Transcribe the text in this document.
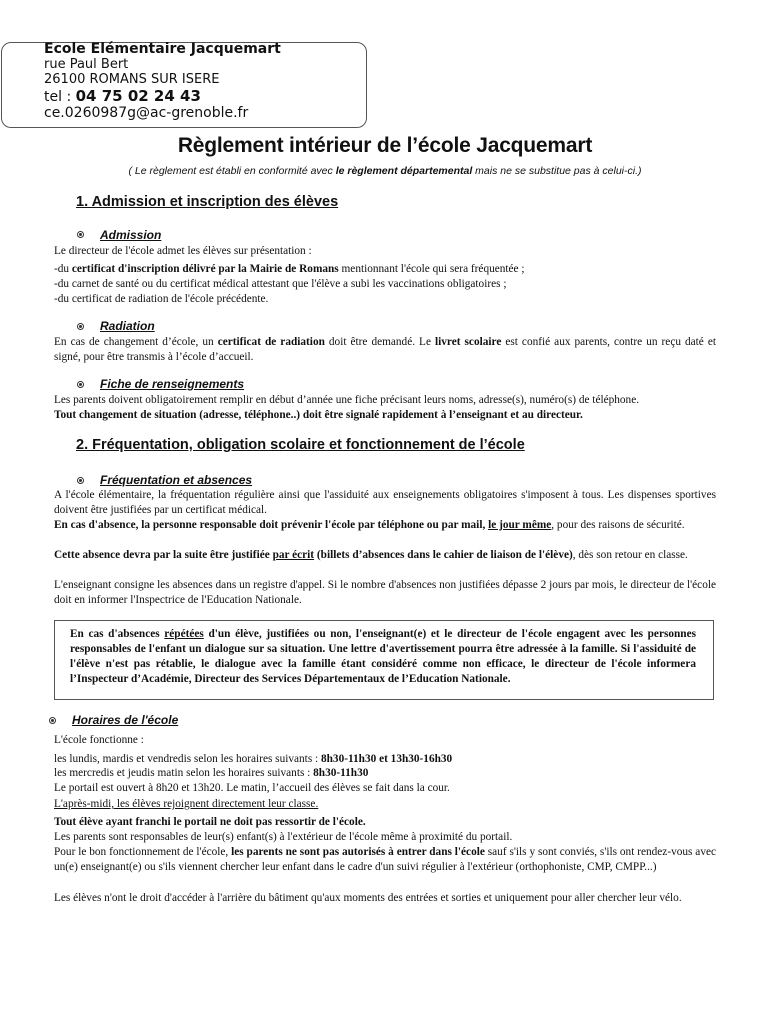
Ecole Elémentaire Jacquemart
rue Paul Bert
26100 ROMANS SUR ISERE
tel : 04 75 02 24 43
ce.0260987g@ac-grenoble.fr
Règlement intérieur de l’école Jacquemart
( Le règlement est établi en conformité avec le règlement départemental mais ne se substitue pas à celui-ci.)
1. Admission et inscription des élèves
Admission
Le directeur de l'école admet les élèves sur présentation :
-du certificat d'inscription délivré par la Mairie de Romans mentionnant l'école qui sera fréquentée ;
-du carnet de santé ou du certificat médical attestant que l'élève a subi les vaccinations obligatoires ;
-du certificat de radiation de l'école précédente.
Radiation
En cas de changement d’école, un certificat de radiation doit être demandé. Le livret scolaire est confié aux parents, contre un reçu daté et signé, pour être transmis à l’école d’accueil.
Fiche de renseignements
Les parents doivent obligatoirement remplir en début d’année une fiche précisant leurs noms, adresse(s), numéro(s) de téléphone.
Tout changement de situation (adresse, téléphone..) doit être signalé rapidement à l’enseignant et au directeur.
2. Fréquentation, obligation scolaire et fonctionnement de l’école
Fréquentation et absences
A l'école élémentaire, la fréquentation régulière ainsi que l'assiduité aux enseignements obligatoires s'imposent à tous. Les dispenses sportives doivent être justifiées par un certificat médical.
En cas d'absence, la personne responsable doit prévenir l'école par téléphone ou par mail, le jour même, pour des raisons de sécurité.
Cette absence devra par la suite être justifiée par écrit (billets d’absences dans le cahier de liaison de l'élève), dès son retour en classe.
L'enseignant consigne les absences dans un registre d'appel. Si le nombre d'absences non justifiées dépasse 2 jours par mois, le directeur de l'école doit en informer l'Inspectrice de l'Education Nationale.
En cas d'absences répétées d'un élève, justifiées ou non, l'enseignant(e) et le directeur de l'école engagent avec les personnes responsables de l'enfant un dialogue sur sa situation. Une lettre d'avertissement pourra être adressée à la famille. Si l'assiduité de l'élève n'est pas rétablie, le dialogue avec la famille étant considéré comme non efficace, le directeur de l'école informera l’Inspecteur d’Académie, Directeur des Services Départementaux de l’Education Nationale.
Horaires de l'école
L'école fonctionne :
les lundis, mardis et vendredis selon les horaires suivants : 8h30-11h30 et 13h30-16h30
les mercredis et jeudis matin selon les horaires suivants : 8h30-11h30
Le portail est ouvert à 8h20 et 13h20. Le matin, l’accueil des élèves se fait dans la cour.
L'après-midi, les élèves rejoignent directement leur classe.
Tout élève ayant franchi le portail ne doit pas ressortir de l'école.
Les parents sont responsables de leur(s) enfant(s) à l'extérieur de l'école même à proximité du portail.
Pour le bon fonctionnement de l'école, les parents ne sont pas autorisés à entrer dans l'école sauf s'ils y sont conviés, s'ils ont rendez-vous avec un(e) enseignant(e) ou s'ils viennent chercher leur enfant dans le cadre d'un suivi régulier à l'extérieur (orthophoniste, CMP, CMPP...)
Les élèves n'ont le droit d'accéder à l'arrière du bâtiment qu'aux moments des entrées et sorties et uniquement pour aller chercher leur vélo.
